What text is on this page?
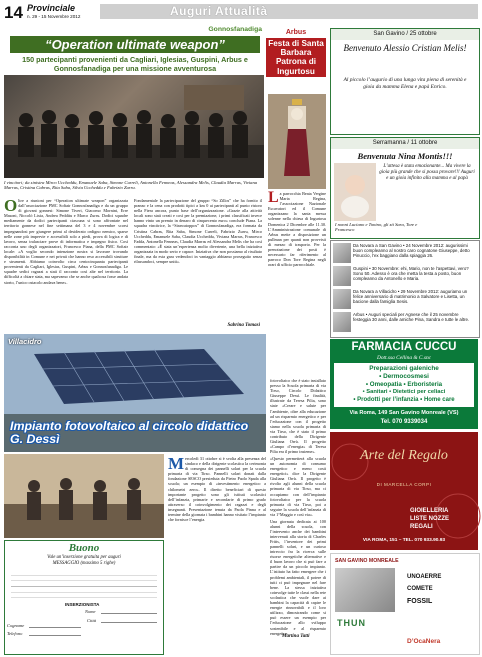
14 Provinciale
n. 29 - 15 Novembre 2012	Auguri Attualità
Gonnosfanadiga
“Operation ultimate weapon”
150 partecipanti provenienti da Cagliari, Iglesias, Guspini, Arbus e Gonnosfanadiga per una missione avventurosa
I vincitori; da sinistra Mirco Uccheddu, Emanuele Saba, Simone Curreli, Antonella Fenneas, Alessandra Melis, Claudia Marras, Viviana Marras, Cristina Cabras, Rita Saba, Silvia Uccheddu e Fabrizio Zurru.
Oltre a riunioni per “Operation ultimate weapon” organizzata dall’associazione PMC Softair Gonnosfanadiga e da un gruppo di giovani gonnesi: Simone Tiveri, Giacomo Mornini, Erre Masoni, Niccolò Lixia, Andrea Pedditu e Marco Zurru. Dodici squadre mediamente da dodici partecipanti ciascuna si sono affrontate nel territorio gonnese nel fine settimana del 3 e 4 novembre scorsi impegnandosi per giungere primi al desiderato ordigno nemico, sparse nelle zone più impervie e accessibili solo a piedi, prova di logica e di lavoro, senza tralasciare prove di informatica e impegno fisico. Così racconta uno degli organizzatori, Francesco Piana, della PMC Softair locale: «A voglio secondo intenzione nostra si lavorare trovando disponibilità in Comune e nei privati che hanno reso accessibili strutture e strumenti. Abbiamo coinvolto circa centocinquanta partecipanti provenienti da Cagliari, Iglesias, Guspini, Arbus e Gonnosfanadiga. Le squadre sedici ragazzi a stati il racconto così alte nel territorio. La difficoltà a chiare stata, ma sapevamo che se anche qualcosa fosse andata storto, l’unico ostacolo andava bene».
Fondamentale la partecipazione del gruppo “So Zillos” che ha fornito il pranzo e la cena con prodotti tipici a km 0 ai partecipanti al punto ristoro nella Fiera ancora, punto base dell’organizzazione. «Grazie alla attività locali sono stati creati e così per la premiazione, i primi classificati invece hanno vinto un premio in denaro di cinquecento euro» conclude Piana. La squadra vincitrice, la “Strawatoppos” di Gonnosfanadiga, era formata da Cristina Cabras, Rita Saba, Simone Curreli, Fabrizio Zurru, Mirco Uccheddu, Emanuele Saba, Claudia Uccheddu, Viviana Marras, Francesco Fadda, Antonella Fenneas, Claudia Marras ed Alessandra Melis che ha così commentato: «È stata un’esperienza molto divertente, una bella iniziativa organizzata in modo serio e capace. Iniziativa che non possiamo al risultato finale, ma da esta gara vedendoci in vantaggio abbiamo proseguito senza rilassandoci, sempre uniti».
Sabrina Tomasi
Arbus
Festa di Santa Barbara Patrona di Ingurtosu
La parrocchia Beata Vergine Maria Regina, l’associazione Nazionale Escavatori ed il Comune organizzano la santa messa solenne nella chiesa di Ingurtosu Domenica 2 Dicembre alle 11.30. L’Amministrazione comunale di Arbus mette a disposizione un pullman per quanti non provvisti di mezzo di trasporto. Per la prenotazione dei posti è necessario far riferimento al parroco Don Tore Regina negli orari di ufficio parrocchiale.

fotovoltaico che è stato installato presso la Scuola primaria di via Tirso, Circolo Didattico Giuseppe Dessì. Le finalità, illustrate da Teresa Pilia, sono state «Creare e salute per l’ambiente, oltre alla educazione ad un risparmio energetico e per l’educazione con il progetto siamo nella scuola primaria di via Tirso, che è stato il primo contributo della Dirigente Giuliana Orrù. Il progetto «Campo d’energia» di Teresa Pilia era il primo insieme».

«Questo permetterà alla scuola un autonomia di consumo energetico e meno costi energetici» dice la Dirigente Giuliana Orrù. Il progetto è rivolto agli alunni della scuola primaria di via Tirso, ma ci occupiamo con dell’impianto fotovoltaico per la scuola primaria di via Tirso, poi a seguire la scuola dell’infanzia di via 1°Maggio e così via».

Una giornata dedicata ai 100 alunni della scuola, con l’intervento anche dei bambini intervenuti alla storia di Charles Fritts, l’inventore dei primi pannelli solari, e un curioso intreccio fra la ricerca sulle risorse energetiche alternative e il buon lavoro che si può fare a partire da un piccolo impianto. L’istituto ha fatto emergere che i problemi ambientali, il potere di tutti ci può impegnare nel fare bene. La stessa iniziativa coinvolge tutte le classi nella rete scolastica che vuole dare ai bambini la capacità di capire le energie rinnovabili e il loro utilizzo, dimostrando come si può essere un esempio per l’educazione allo sviluppo sostenibile e al risparmio energetico.

Martina Tatti
Villacidro
Impianto fotovoltaico al circolo didattico G. Dessì
Mercoledì 31 ottobre si è svolta alla presenza del sindaco e della dirigente scolastica la cerimonia di consegna dei pannelli solari per la scuola primaria di via Tirso. Pannelli solari donati dalla fondazione SESCO presieduta da Pietro Paolo Spada alla scuola; un esempio di «investimento energetico a chilometri zero». Il diretto beneficiari di questo importante progetto sono gli istituti scolastici dell’infanzia, primarie e secondarie di primo grado attraverso il coinvolgimento dei ragazzi e degli insegnanti. Presentazione tenuta da Paola Pinna e al termine della giornata i bambini hanno visitato l’impianto che fornisce l’energia.
Buono
Vale un’inserzione gratuita per auguri
MESSAGGIO (massimo 5 righe)
INSERZIONISTA
Nome
Cognome
Città
Telefono
San Gavino / 25 ottobre
Benvenuto Alessio Cristian Melis!
Al piccolo l’augurio di una lunga vita piena di serenità e gioia da mamma Elena e papà Enrico.
Serramanna / 11 ottobre
Benvenuta Nina Montis!!!
L’attesa è stata emozionante... Ma vivere la gioia più grande che si possa provare!!! Auguri e un gioia infinito alla mamma e al papà
I nonni Luciano e Tonino, gli zii Sara, Tore e Francesco
Da Novara a San Gavino • 24 Novembre 2012: augurissimi buon compleanno al nostro caro cognatone Giuseppe, detto Pinuccio, l’ex baggiano dalla spiaggia 26.
Guspini • 30 Novembre: ehi, Mario, non te l’aspettavi, vero? Sono 50. Adesso è ora che metta la testa a posto, buon compleanno da Antonello e Maria.
Da Novara a Villacidro • 29 Novembre 2012: auguriamo un felice anniversario di matrimonio a Salvatore e Lisetta, un bacione dalla famiglia Sesis.
Arbus • Auguri speciali per Agnese che il 25 novembre festeggia 30 anni, dalle amiche Pina, Sandra e tutte le altre.
FARMACIA CUCCU
Dott.ssa Cellina & C.snc
Preparazioni galeniche
• Dermocosmesi
• Omeopatia • Erboristeria
• Sanitari • Dietetici per celiaci
• Prodotti per l’infanzia • Home care
Via Roma, 149 San Gavino Monreale (VS)
Tel. 070 9339034
Arte del Regalo
DI MARCELLA CORPI
GIOIELLERIA
LISTE NOZZE
REGALI
VIA ROMA, 151 – TEL. 070 933.90.93
SAN GAVINO MONREALE
THUN
UNOAERRE
COMETE
FOSSIL
D’OcaNera
